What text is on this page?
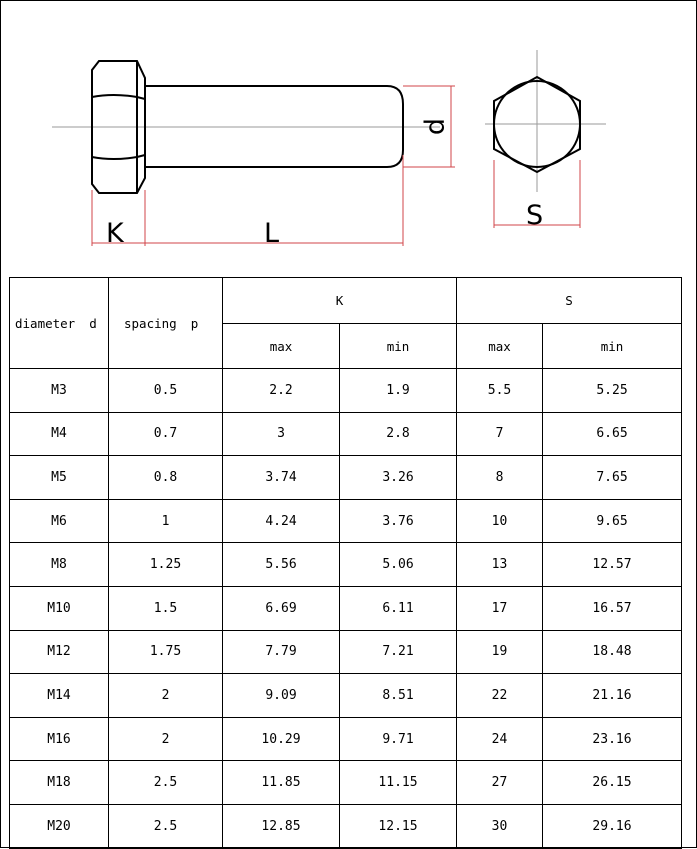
K	L
d
S
diameter d	spacing p	K		S	
		max	min	max	min
M3	0.5	2.2	1.9	5.5	5.25
M4	0.7	3	2.8	7	6.65
M5	0.8	3.74	3.26	8	7.65
M6	1	4.24	3.76	10	9.65
M8	1.25	5.56	5.06	13	12.57
M10	1.5	6.69	6.11	17	16.57
M12	1.75	7.79	7.21	19	18.48
M14	2	9.09	8.51	22	21.16
M16	2	10.29	9.71	24	23.16
M18	2.5	11.85	11.15	27	26.15
M20	2.5	12.85	12.15	30	29.16
